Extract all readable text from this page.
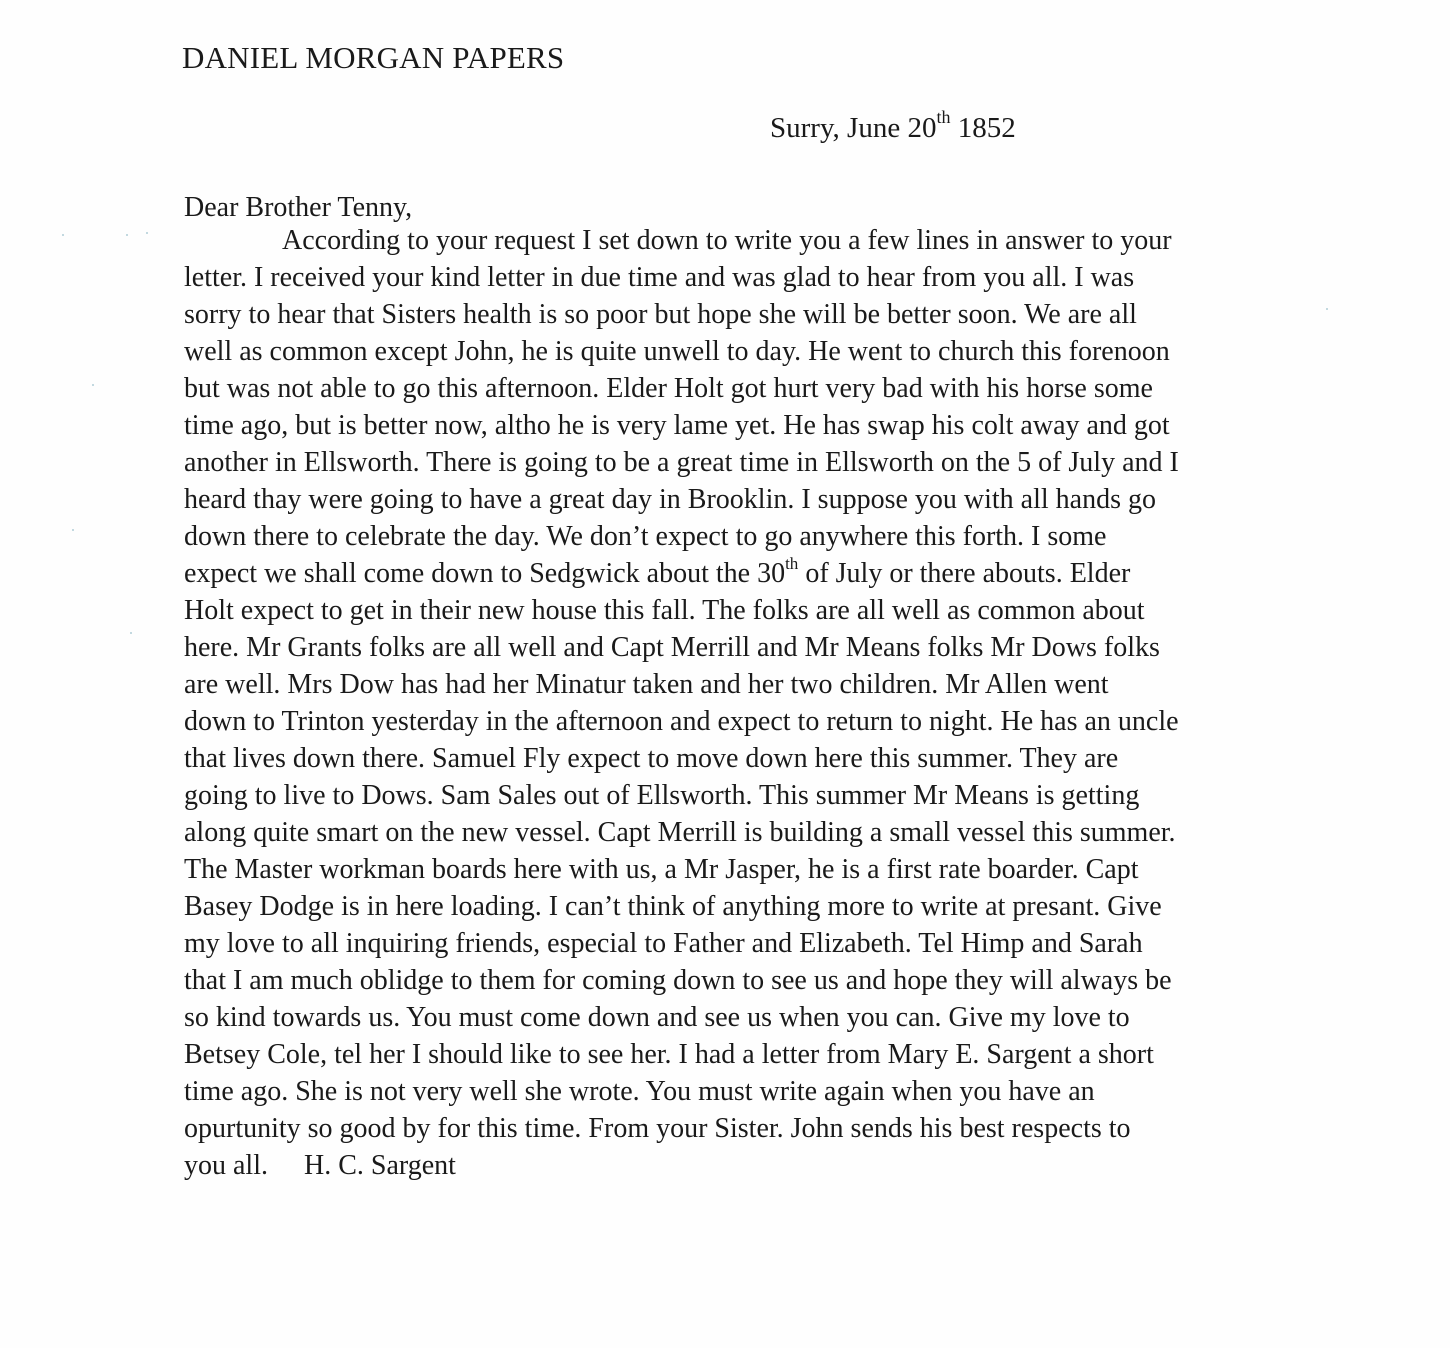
DANIEL MORGAN PAPERS
Surry, June 20th 1852
Dear Brother Tenny,
According to your request I set down to write you a few lines in answer to your
letter. I received your kind letter in due time and was glad to hear from you all. I was
sorry to hear that Sisters health is so poor but hope she will be better soon. We are all
well as common except John, he is quite unwell to day. He went to church this forenoon
but was not able to go this afternoon. Elder Holt got hurt very bad with his horse some
time ago, but is better now, altho he is very lame yet. He has swap his colt away and got
another in Ellsworth. There is going to be a great time in Ellsworth on the 5 of July and I
heard thay were going to have a great day in Brooklin. I suppose you with all hands go
down there to celebrate the day. We don’t expect to go anywhere this forth. I some
expect we shall come down to Sedgwick about the 30th of July or there abouts. Elder
Holt expect to get in their new house this fall. The folks are all well as common about
here. Mr Grants folks are all well and Capt Merrill and Mr Means folks Mr Dows folks
are well. Mrs Dow has had her Minatur taken and her two children. Mr Allen went
down to Trinton yesterday in the afternoon and expect to return to night. He has an uncle
that lives down there. Samuel Fly expect to move down here this summer. They are
going to live to Dows. Sam Sales out of Ellsworth. This summer Mr Means is getting
along quite smart on the new vessel. Capt Merrill is building a small vessel this summer.
The Master workman boards here with us, a Mr Jasper, he is a first rate boarder. Capt
Basey Dodge is in here loading. I can’t think of anything more to write at presant. Give
my love to all inquiring friends, especial to Father and Elizabeth. Tel Himp and Sarah
that I am much oblidge to them for coming down to see us and hope they will always be
so kind towards us. You must come down and see us when you can. Give my love to
Betsey Cole, tel her I should like to see her. I had a letter from Mary E. Sargent a short
time ago. She is not very well she wrote. You must write again when you have an
opurtunity so good by for this time. From your Sister. John sends his best respects to
you all. H. C. Sargent
